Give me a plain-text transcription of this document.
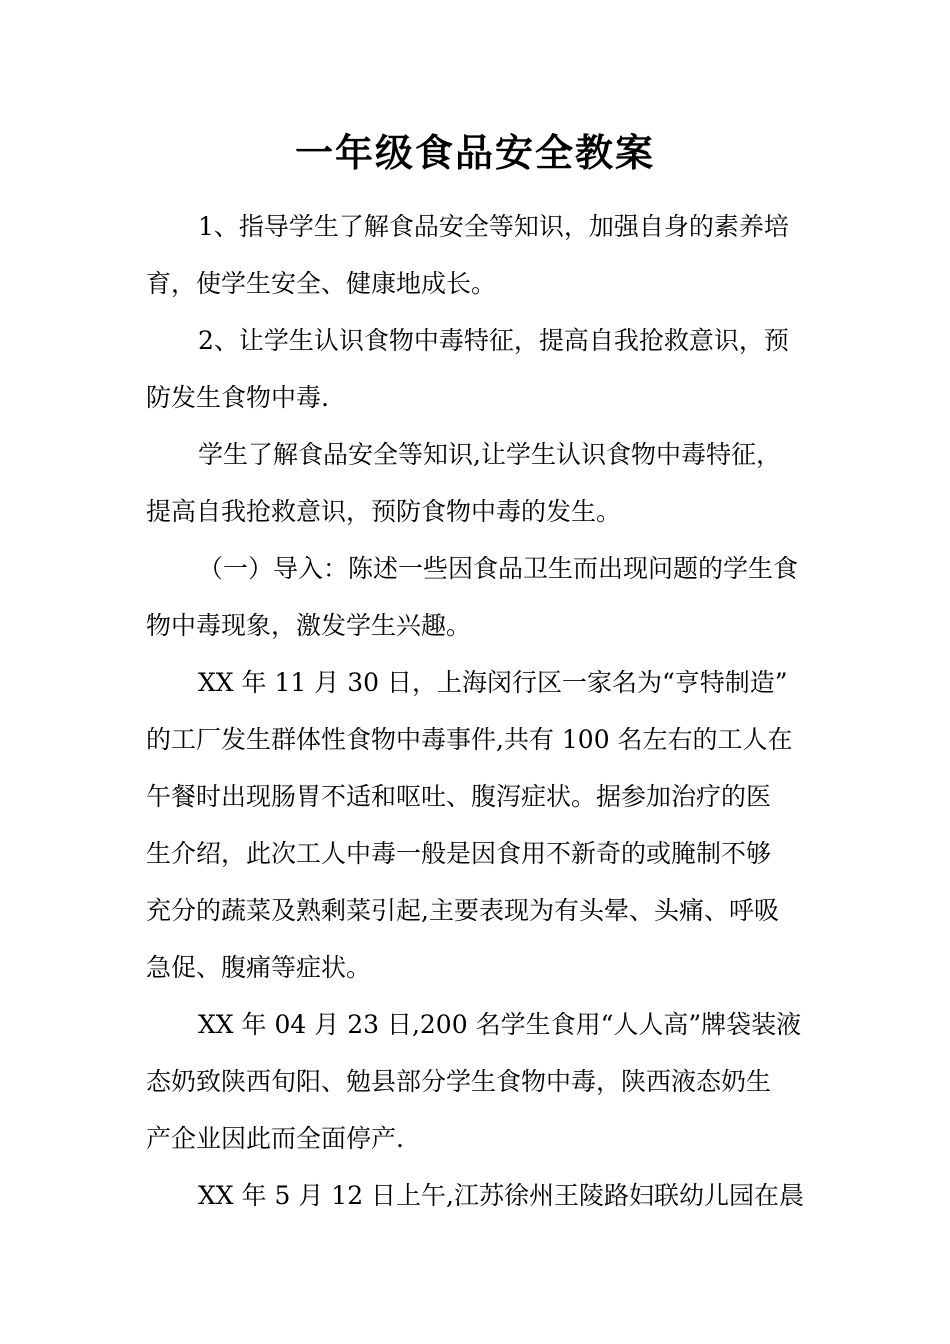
一年级食品安全教案
1、指导学生了解食品安全等知识，加强自身的素养培
育，使学生安全、健康地成长。
2、让学生认识食物中毒特征，提高自我抢救意识，预
防发生食物中毒.
学生了解食品安全等知识,让学生认识食物中毒特征，
提高自我抢救意识，预防食物中毒的发生。
（一）导入：陈述一些因食品卫生而出现问题的学生食
物中毒现象，激发学生兴趣。
XX 年 11 月 30 日，上海闵行区一家名为“亨特制造”
的工厂发生群体性食物中毒事件,共有 100 名左右的工人在
午餐时出现肠胃不适和呕吐、腹泻症状。据参加治疗的医
生介绍，此次工人中毒一般是因食用不新奇的或腌制不够
充分的蔬菜及熟剩菜引起,主要表现为有头晕、头痛、呼吸
急促、腹痛等症状。
XX 年 04 月 23 日,200 名学生食用“人人高”牌袋装液
态奶致陕西旬阳、勉县部分学生食物中毒，陕西液态奶生
产企业因此而全面停产.
XX 年 5 月 12 日上午,江苏徐州王陵路妇联幼儿园在晨
